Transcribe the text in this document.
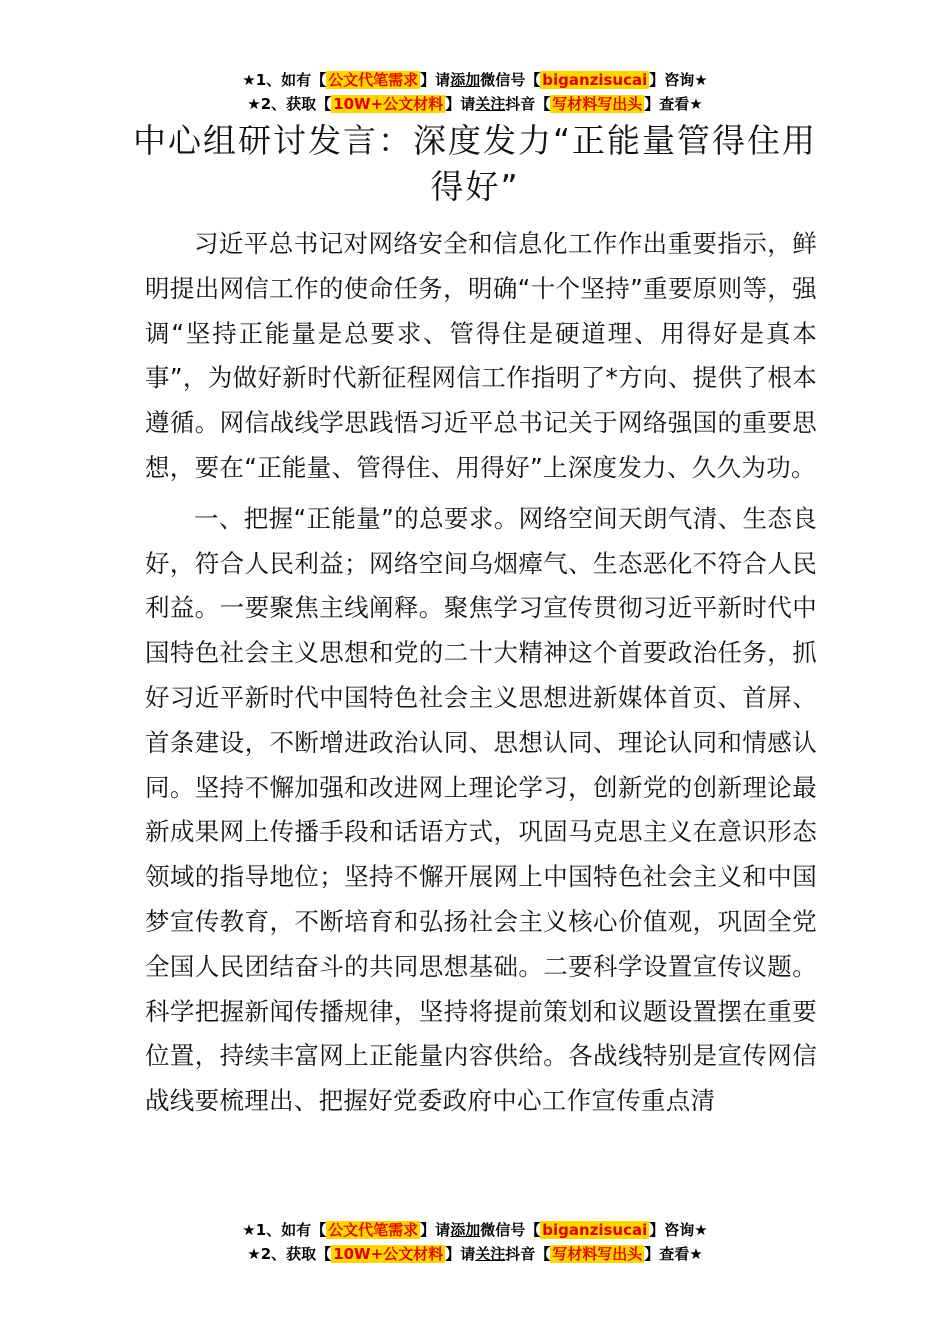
★1、如有【 公文代笔需求 】请添加微信号【 biganzisucai 】咨询★
★2、获取【 10W+公文材料 】请关注抖音【 写材料写出头 】查看★
中心组研讨发言：深度发力“正能量管得住用得好”

习近平总书记对网络安全和信息化工作作出重要指示，鲜明提出网信工作的使命任务，明确“十个坚持”重要原则等，强调“坚持正能量是总要求、管得住是硬道理、用得好是真本事”，为做好新时代新征程网信工作指明了*方向、提供了根本遵循。网信战线学思践悟习近平总书记关于网络强国的重要思想，要在“正能量、管得住、用得好”上深度发力、久久为功。

一、把握“正能量”的总要求。网络空间天朗气清、生态良好，符合人民利益；网络空间乌烟瘴气、生态恶化不符合人民利益。一要聚焦主线阐释。聚焦学习宣传贯彻习近平新时代中国特色社会主义思想和党的二十大精神这个首要政治任务，抓好习近平新时代中国特色社会主义思想进新媒体首页、首屏、首条建设，不断增进政治认同、思想认同、理论认同和情感认同。坚持不懈加强和改进网上理论学习，创新党的创新理论最新成果网上传播手段和话语方式，巩固马克思主义在意识形态领域的指导地位；坚持不懈开展网上中国特色社会主义和中国梦宣传教育，不断培育和弘扬社会主义核心价值观，巩固全党全国人民团结奋斗的共同思想基础。二要科学设置宣传议题。科学把握新闻传播规律，坚持将提前策划和议题设置摆在重要位置，持续丰富网上正能量内容供给。各战线特别是宣传网信战线要梳理出、把握好党委政府中心工作宣传重点清

★1、如有【 公文代笔需求 】请添加微信号【 biganzisucai 】咨询★
★2、获取【 10W+公文材料 】请关注抖音【 写材料写出头 】查看★
